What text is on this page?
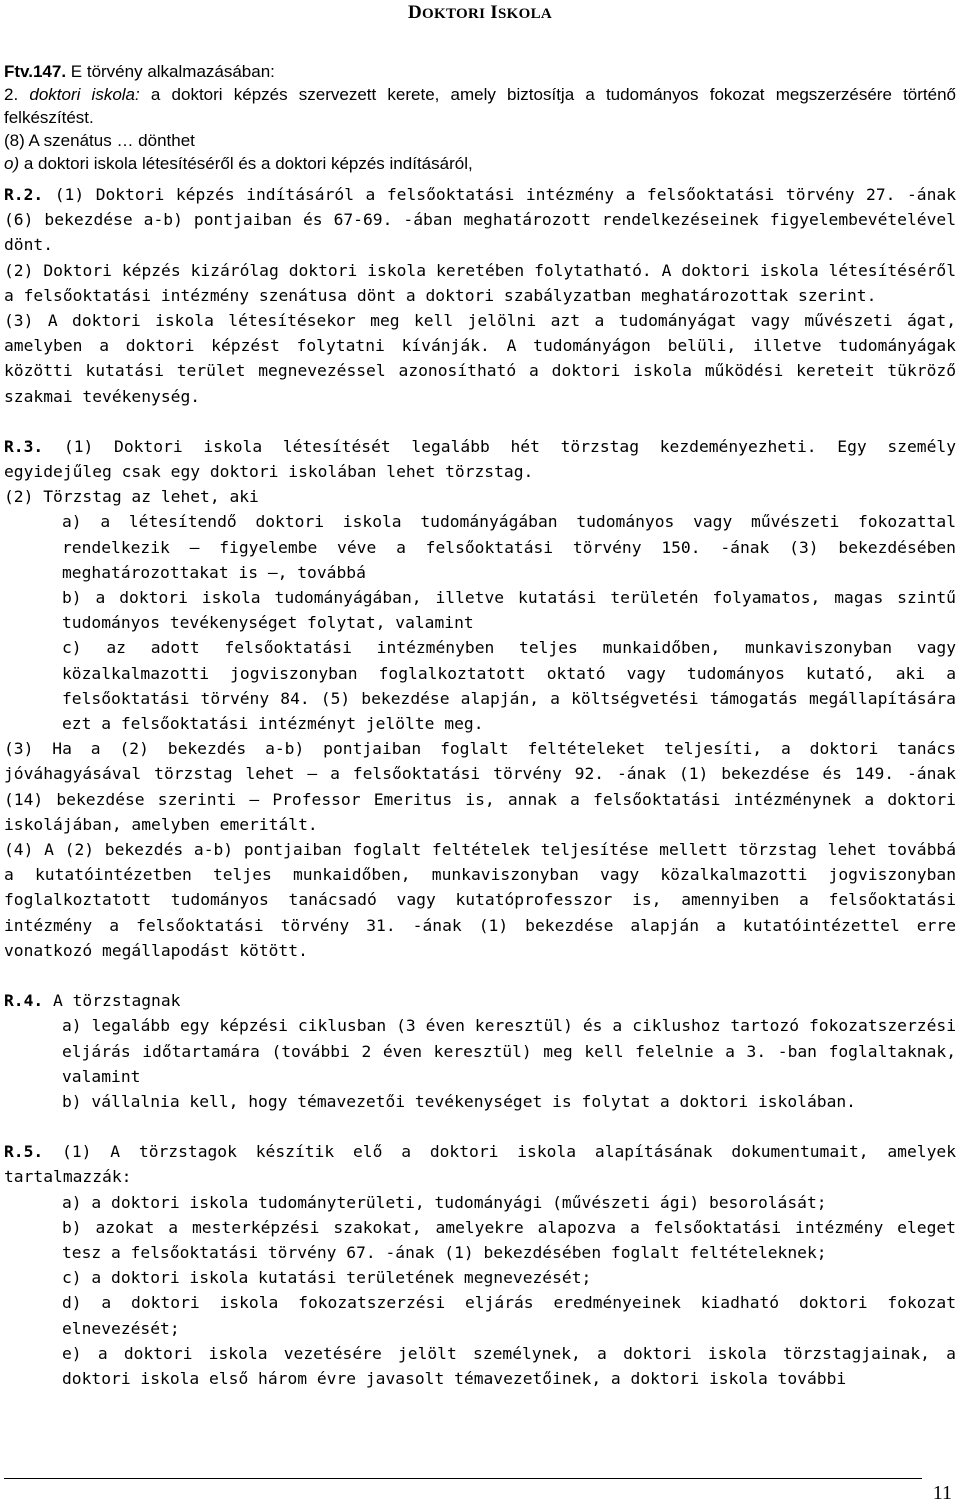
DOKTORI ISKOLA

Ftv.147. E törvény alkalmazásában:

2. doktori iskola: a doktori képzés szervezett kerete, amely biztosítja a tudományos fokozat megszerzésére történő felkészítést.

(8) A szenátus … dönthet

o) a doktori iskola létesítéséről és a doktori képzés indításáról,

R.2. (1) Doktori képzés indításáról a felsőoktatási intézmény a felsőoktatási törvény 27. -ának (6) bekezdése a-b) pontjaiban és 67-69. -ában meghatározott rendelkezéseinek figyelembevételével dönt.

(2) Doktori képzés kizárólag doktori iskola keretében folytatható. A doktori iskola létesítéséről a felsőoktatási intézmény szenátusa dönt a doktori szabályzatban meghatározottak szerint.

(3) A doktori iskola létesítésekor meg kell jelölni azt a tudományágat vagy művészeti ágat, amelyben a doktori képzést folytatni kívánják. A tudományágon belüli, illetve tudományágak közötti kutatási terület megnevezéssel azonosítható a doktori iskola működési kereteit tükröző szakmai tevékenység.

R.3. (1) Doktori iskola létesítését legalább hét törzstag kezdeményezheti. Egy személy egyidejűleg csak egy doktori iskolában lehet törzstag.

(2) Törzstag az lehet, aki

a) a létesítendő doktori iskola tudományágában tudományos vagy művészeti fokozattal rendelkezik – figyelembe véve a felsőoktatási törvény 150. -ának (3) bekezdésében meghatározottakat is –, továbbá

b) a doktori iskola tudományágában, illetve kutatási területén folyamatos, magas szintű tudományos tevékenységet folytat, valamint

c) az adott felsőoktatási intézményben teljes munkaidőben, munkaviszonyban vagy közalkalmazotti jogviszonyban foglalkoztatott oktató vagy tudományos kutató, aki a felsőoktatási törvény 84. (5) bekezdése alapján, a költségvetési támogatás megállapítására ezt a felsőoktatási intézményt jelölte meg.

(3) Ha a (2) bekezdés a-b) pontjaiban foglalt feltételeket teljesíti, a doktori tanács jóváhagyásával törzstag lehet – a felsőoktatási törvény 92. -ának (1) bekezdése és 149. -ának (14) bekezdése szerinti – Professor Emeritus is, annak a felsőoktatási intézménynek a doktori iskolájában, amelyben emeritált.

(4) A (2) bekezdés a-b) pontjaiban foglalt feltételek teljesítése mellett törzstag lehet továbbá a kutatóintézetben teljes munkaidőben, munkaviszonyban vagy közalkalmazotti jogviszonyban foglalkoztatott tudományos tanácsadó vagy kutatóprofesszor is, amennyiben a felsőoktatási intézmény a felsőoktatási törvény 31. -ának (1) bekezdése alapján a kutatóintézettel erre vonatkozó megállapodást kötött.

R.4. A törzstagnak

a) legalább egy képzési ciklusban (3 éven keresztül) és a ciklushoz tartozó fokozatszerzési eljárás időtartamára (további 2 éven keresztül) meg kell felelnie a 3. -ban foglaltaknak, valamint

b) vállalnia kell, hogy témavezetői tevékenységet is folytat a doktori iskolában.

R.5. (1) A törzstagok készítik elő a doktori iskola alapításának dokumentumait, amelyek tartalmazzák:

a) a doktori iskola tudományterületi, tudományági (művészeti ági) besorolását;

b) azokat a mesterképzési szakokat, amelyekre alapozva a felsőoktatási intézmény eleget tesz a felsőoktatási törvény 67. -ának (1) bekezdésében foglalt feltételeknek;

c) a doktori iskola kutatási területének megnevezését;

d) a doktori iskola fokozatszerzési eljárás eredményeinek kiadható doktori fokozat elnevezését;

e) a doktori iskola vezetésére jelölt személynek, a doktori iskola törzstagjainak, a doktori iskola első három évre javasolt témavezetőinek, a doktori iskola további

11
